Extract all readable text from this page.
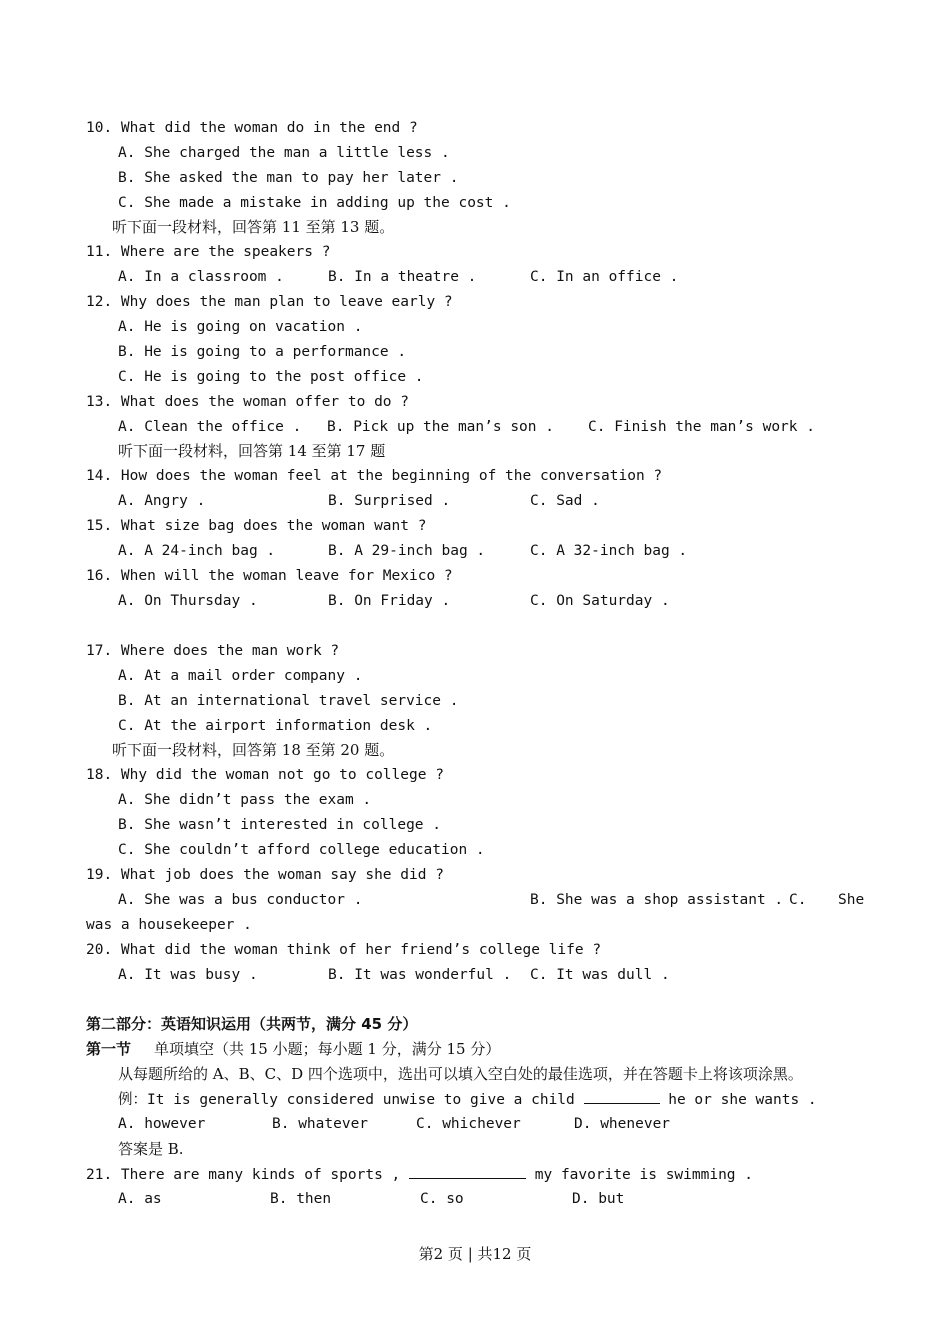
10. What did the woman do in the end ?
A. She charged the man a little less .
B. She asked the man to pay her later .
C. She made a mistake in adding up the cost .
听下面一段材料，回答第 11 至第 13 题。
11. Where are the speakers ?
A. In a classroom .	B. In a theatre .	C. In an office .
12. Why does the man plan to leave early ?
A. He is going on vacation .
B. He is going to a performance .
C. He is going to the post office .
13. What does the woman offer to do ?
A. Clean the office . B. Pick up the man’s son . C. Finish the man’s work .
听下面一段材料，回答第 14 至第 17 题
14. How does the woman feel at the beginning of the conversation ?
A. Angry .	B. Surprised .	C. Sad .
15. What size bag does the woman want ?
A. A 24-inch bag .	B. A 29-inch bag .	C. A 32-inch bag .
16. When will the woman leave for Mexico ?
A. On Thursday .	B. On Friday .	C. On Saturday .
17. Where does the man work ?
A. At a mail order company .
B. At an international travel service .
C. At the airport information desk .
听下面一段材料，回答第 18 至第 20 题。
18. Why did the woman not go to college ?
A. She didn’t pass the exam .
B. She wasn’t interested in college .
C. She couldn’t afford college education .
19. What job does the woman say she did ?
A. She was a bus conductor .	B. She was a shop assistant . C. She
was a housekeeper .
20. What did the woman think of her friend’s college life ?
A. It was busy .	B. It was wonderful . C. It was dull .
第二部分：英语知识运用（共两节，满分 45 分）
第一节 单项填空（共 15 小题；每小题 1 分，满分 15 分）
从每题所给的 A、B、C、D 四个选项中，选出可以填入空白处的最佳选项，并在答题卡上将该项涂黑。
例：It is generally considered unwise to give a child	he or she wants .
A. however	B. whatever	C. whichever	D. whenever
答案是 B.
21. There are many kinds of sports ,	my favorite is swimming .
A. as	B. then	C. so	D. but
第2 页 | 共12 页
